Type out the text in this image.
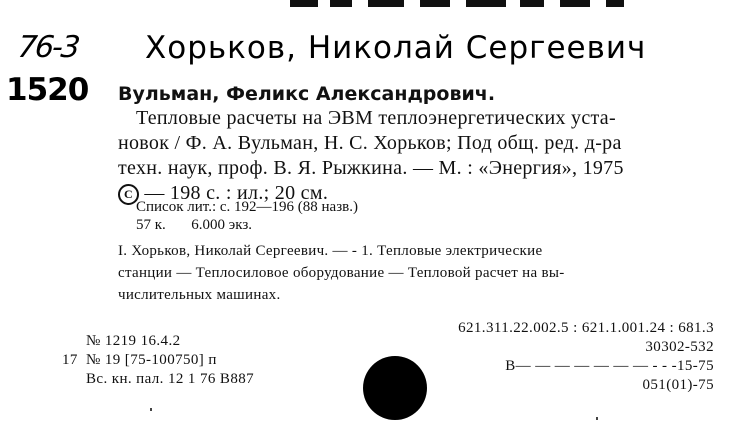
76-3 Хорьков, Николай Сергеевич
1520 Вульман, Феликс Александрович.

Тепловые расчеты на ЭВМ теплоэнергетических уста-

новок / Ф. А. Вульман, Н. С. Хорьков; Под общ. ред. д-ра

техн. наук, проф. В. Я. Рыжкина. — М. : «Энергия», 1975

C — 198 с. : ил.; 20 см.

Список лит.: с. 192—196 (88 назв.)
57 к. 6.000 экз.

I. Хорьков, Николай Сергеевич. — - 1. Тепловые электрические

станции — Теплосиловое оборудование — Тепловой расчет на вы-

числительных машинах.

№ 1219 16.4.2
17 № 19 [75-100750] п
Вс. кн. пал. 12 1 76 В887
621.311.22.002.5 : 621.1.001.24 : 681.3
30302-532
В— — — — — — — - - -15-75
051(01)-75
